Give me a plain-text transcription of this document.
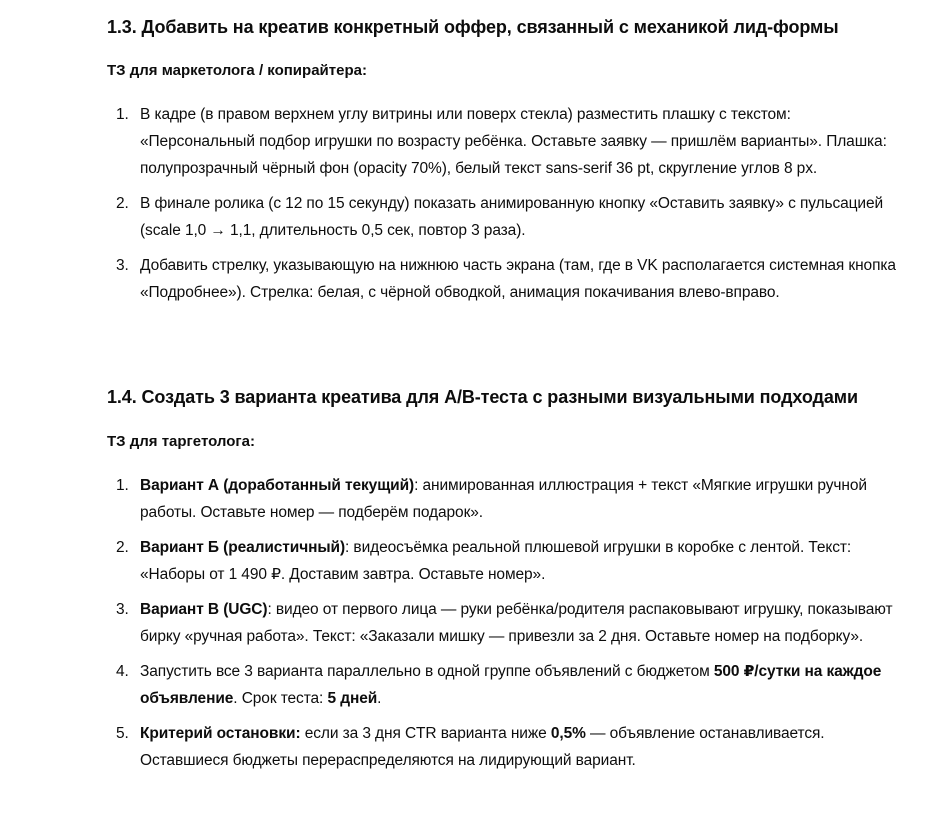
1.3. Добавить на креатив конкретный оффер, связанный с механикой лид-формы

ТЗ для маркетолога / копирайтера:

1. В кадре (в правом верхнем углу витрины или поверх стекла) разместить плашку с текстом: «Персональный подбор игрушки по возрасту ребёнка. Оставьте заявку — пришлём варианты». Плашка: полупрозрачный чёрный фон (opacity 70%), белый текст sans-serif 36 pt, скругление углов 8 px.
2. В финале ролика (с 12 по 15 секунду) показать анимированную кнопку «Оставить заявку» с пульсацией (scale 1,0 → 1,1, длительность 0,5 сек, повтор 3 раза).
3. Добавить стрелку, указывающую на нижнюю часть экрана (там, где в VK располагается системная кнопка «Подробнее»). Стрелка: белая, с чёрной обводкой, анимация покачивания влево-вправо.
1.4. Создать 3 варианта креатива для A/B-теста с разными визуальными подходами

ТЗ для таргетолога:

1. Вариант А (доработанный текущий): анимированная иллюстрация + текст «Мягкие игрушки ручной работы. Оставьте номер — подберём подарок».
2. Вариант Б (реалистичный): видеосъёмка реальной плюшевой игрушки в коробке с лентой. Текст: «Наборы от 1 490 ₽. Доставим завтра. Оставьте номер».
3. Вариант В (UGC): видео от первого лица — руки ребёнка/родителя распаковывают игрушку, показывают бирку «ручная работа». Текст: «Заказали мишку — привезли за 2 дня. Оставьте номер на подборку».
4. Запустить все 3 варианта параллельно в одной группе объявлений с бюджетом 500 ₽/сутки на каждое объявление. Срок теста: 5 дней.
5. Критерий остановки: если за 3 дня CTR варианта ниже 0,5% — объявление останавливается. Оставшиеся бюджеты перераспределяются на лидирующий вариант.
